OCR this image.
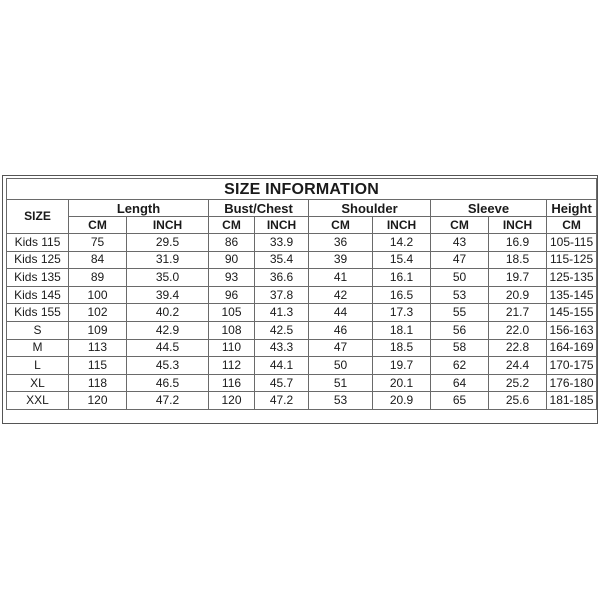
SIZE INFORMATION									
SIZE	Length		Bust/Chest		Shoulder		Sleeve		Height
	CM	INCH	CM	INCH	CM	INCH	CM	INCH	CM
Kids 115	75	29.5	86	33.9	36	14.2	43	16.9	105-115
Kids 125	84	31.9	90	35.4	39	15.4	47	18.5	115-125
Kids 135	89	35.0	93	36.6	41	16.1	50	19.7	125-135
Kids 145	100	39.4	96	37.8	42	16.5	53	20.9	135-145
Kids 155	102	40.2	105	41.3	44	17.3	55	21.7	145-155
S	109	42.9	108	42.5	46	18.1	56	22.0	156-163
M	113	44.5	110	43.3	47	18.5	58	22.8	164-169
L	115	45.3	112	44.1	50	19.7	62	24.4	170-175
XL	118	46.5	116	45.7	51	20.1	64	25.2	176-180
XXL	120	47.2	120	47.2	53	20.9	65	25.6	181-185
